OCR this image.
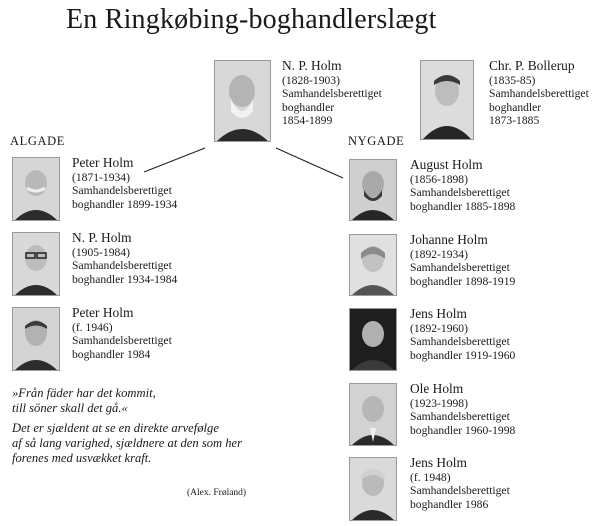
En Ringkøbing-boghandlerslægt
ALGADE	NYGADE
N. P. Holm
(1828-1903)
Samhandelsberettiget
boghandler
1854-1899
Chr. P. Bollerup
(1835-85)
Samhandelsberettiget
boghandler
1873-1885
Peter Holm
(1871-1934)
Samhandelsberettiget
boghandler 1899-1934
N. P. Holm
(1905-1984)
Samhandelsberettiget
boghandler 1934-1984
Peter Holm
(f. 1946)
Samhandelsberettiget
boghandler 1984
August Holm
(1856-1898)
Samhandelsberettiget
boghandler 1885-1898
Johanne Holm
(1892-1934)
Samhandelsberettiget
boghandler 1898-1919
Jens Holm
(1892-1960)
Samhandelsberettiget
boghandler 1919-1960
Ole Holm
(1923-1998)
Samhandelsberettiget
boghandler 1960-1998
Jens Holm
(f. 1948)
Samhandelsberettiget
boghandler 1986
»Från fäder har det kommit,
till söner skall det gå.«
Det er sjældent at se en direkte arvefølge
af så lang varighed, sjældnere at den som her
forenes med usvækket kraft.
(Alex. Frøland)
